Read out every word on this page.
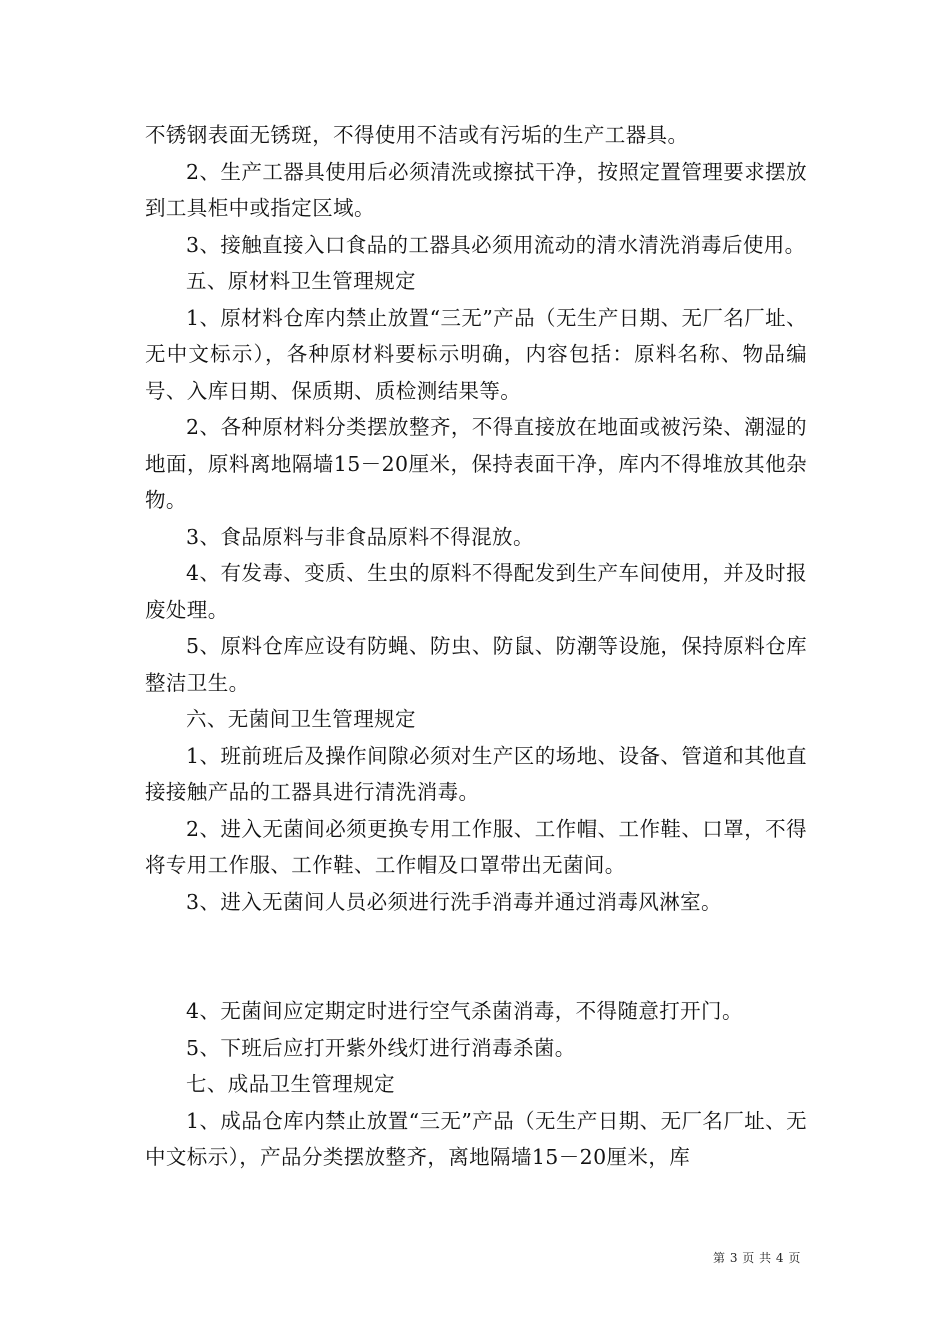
不锈钢表面无锈斑，不得使用不洁或有污垢的生产工器具。

2、生产工器具使用后必须清洗或擦拭干净，按照定置管理要求摆放到工具柜中或指定区域。

3、接触直接入口食品的工器具必须用流动的清水清洗消毒后使用。

五、原材料卫生管理规定

1、原材料仓库内禁止放置“三无”产品（无生产日期、无厂名厂址、无中文标示），各种原材料要标示明确，内容包括：原料名称、物品编号、入库日期、保质期、质检测结果等。

2、各种原材料分类摆放整齐，不得直接放在地面或被污染、潮湿的地面，原料离地隔墙15－20厘米，保持表面干净，库内不得堆放其他杂物。

3、食品原料与非食品原料不得混放。

4、有发毒、变质、生虫的原料不得配发到生产车间使用，并及时报废处理。

5、原料仓库应设有防蝇、防虫、防鼠、防潮等设施，保持原料仓库整洁卫生。

六、无菌间卫生管理规定

1、班前班后及操作间隙必须对生产区的场地、设备、管道和其他直接接触产品的工器具进行清洗消毒。

2、进入无菌间必须更换专用工作服、工作帽、工作鞋、口罩，不得将专用工作服、工作鞋、工作帽及口罩带出无菌间。

3、进入无菌间人员必须进行洗手消毒并通过消毒风淋室。

4、无菌间应定期定时进行空气杀菌消毒，不得随意打开门。

5、下班后应打开紫外线灯进行消毒杀菌。

七、成品卫生管理规定

1、成品仓库内禁止放置“三无”产品（无生产日期、无厂名厂址、无中文标示），产品分类摆放整齐，离地隔墙15－20厘米，库

第 3 页 共 4 页
